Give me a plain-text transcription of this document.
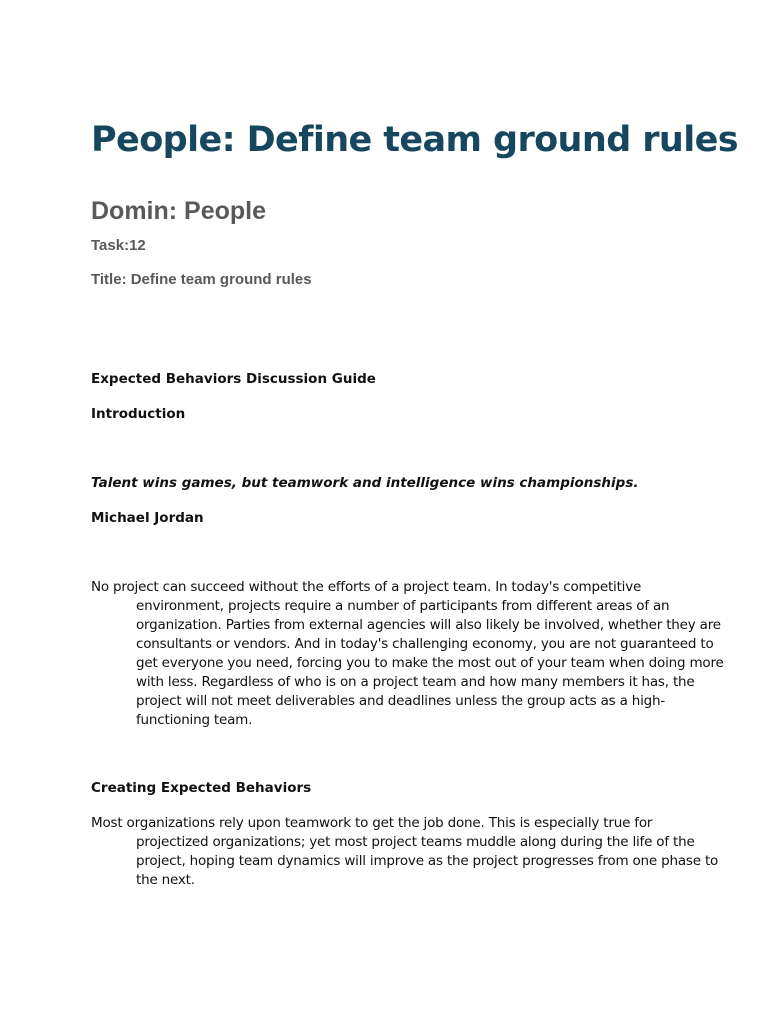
People: Define team ground rules
Domin: People
Task:12
Title: Define team ground rules
Expected Behaviors Discussion Guide
Introduction
Talent wins games, but teamwork and intelligence wins championships.
Michael Jordan

No project can succeed without the efforts of a project team. In today's competitive environment, projects require a number of participants from different areas of an organization. Parties from external agencies will also likely be involved, whether they are consultants or vendors. And in today's challenging economy, you are not guaranteed to get everyone you need, forcing you to make the most out of your team when doing more with less. Regardless of who is on a project team and how many members it has, the project will not meet deliverables and deadlines unless the group acts as a high-functioning team.

Creating Expected Behaviors

Most organizations rely upon teamwork to get the job done. This is especially true for projectized organizations; yet most project teams muddle along during the life of the project, hoping team dynamics will improve as the project progresses from one phase to the next.
